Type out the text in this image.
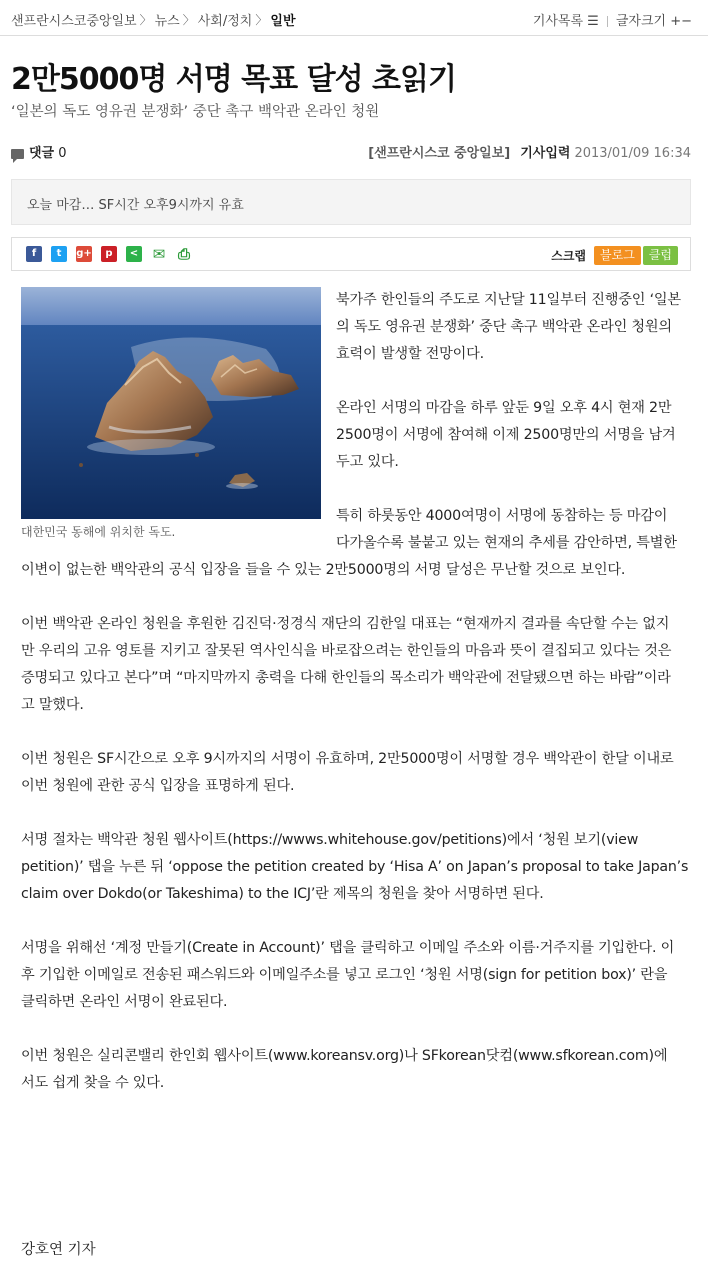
샌프란시스코중앙일보 〉 뉴스 〉 사회/정치 〉 일반	기사목록 ☰ 글자크기 +−
2만5000명 서명 목표 달성 초읽기
‘일본의 독도 영유권 분쟁화’ 중단 촉구 백악관 온라인 청원
댓글 0	[샌프란시스코 중앙일보] 기사입력 2013/01/09 16:34
오늘 마감… SF시간 오후9시까지 유효
f t g+ p < ✉ ⎙	스크랩 블로그 클럽
대한민국 동해에 위치한 독도.
북가주 한인들의 주도로 지난달 11일부터 진행중인 ‘일본
의 독도 영유권 분쟁화’ 중단 촉구 백악관 온라인 청원의
효력이 발생할 전망이다.
온라인 서명의 마감을 하루 앞둔 9일 오후 4시 현재 2만
2500명이 서명에 참여해 이제 2500명만의 서명을 남겨
두고 있다.
특히 하룻동안 4000여명이 서명에 동참하는 등 마감이
다가올수록 불붙고 있는 현재의 추세를 감안하면, 특별한
이변이 없는한 백악관의 공식 입장을 들을 수 있는 2만5000명의 서명 달성은 무난할 것으로 보인다.
이번 백악관 온라인 청원을 후원한 김진덕·정경식 재단의 김한일 대표는 “현재까지 결과를 속단할 수는 없지
만 우리의 고유 영토를 지키고 잘못된 역사인식을 바로잡으려는 한인들의 마음과 뜻이 결집되고 있다는 것은
증명되고 있다고 본다”며 “마지막까지 총력을 다해 한인들의 목소리가 백악관에 전달됐으면 하는 바람”이라
고 말했다.
이번 청원은 SF시간으로 오후 9시까지의 서명이 유효하며, 2만5000명이 서명할 경우 백악관이 한달 이내로
이번 청원에 관한 공식 입장을 표명하게 된다.
서명 절차는 백악관 청원 웹사이트(https://wwws.whitehouse.gov/petitions)에서 ‘청원 보기(view
petition)’ 탭을 누른 뒤 ‘oppose the petition created by ‘Hisa A’ on Japan’s proposal to take Japan’s
claim over Dokdo(or Takeshima) to the ICJ’란 제목의 청원을 찾아 서명하면 된다.
서명을 위해선 ‘계정 만들기(Create in Account)’ 탭을 클릭하고 이메일 주소와 이름·거주지를 기입한다. 이
후 기입한 이메일로 전송된 패스워드와 이메일주소를 넣고 로그인 ‘청원 서명(sign for petition box)’ 란을
클릭하면 온라인 서명이 완료된다.
이번 청원은 실리콘밸리 한인회 웹사이트(www.koreansv.org)나 SFkorean닷컴(www.sfkorean.com)에
서도 쉽게 찾을 수 있다.
강호연 기자
